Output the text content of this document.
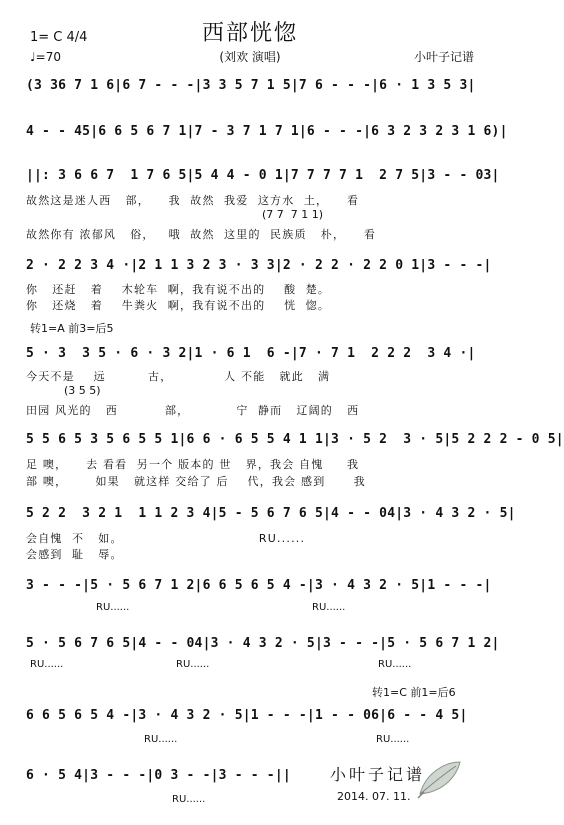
西部恍惚
(刘欢 演唱)
1= C 4/4
♩=70	小叶子记谱
(3 36 7 1 6|6 7 - - -|3 3 5 7 1 5|7 6 - - -|6 · 1 3 5 3|
4 - - 45|6 6 5 6 7 1|7 - 3 7 1 7 1|6 - - -|6 3 2 3 2 3 1 6)|
||: 3 6 6 7  1 7 6 5|5 4 4 - 0 1|7 7 7 7 1  2 7 5|3 - - 03|
故然这是迷人西   部，    我  故然  我爱  这方水  土，    看
(7 7  7 1 1)
故然你有 浓郁风   俗，   哦  故然  这里的  民族质   朴，    看
2 · 2 2 3 4 ·|2 1 1 3 2 3 · 3 3|2 · 2 2 · 2 2 0 1|3 - - -|
你   还赶   着    木轮车  啊，我有说不出的    酸  楚。
你   还烧   着    牛粪火  啊，我有说不出的    恍  惚。
转1=A 前3=后5
5 · 3  3 5 · 6 · 3 2|1 · 6 1  6 -|7 · 7 1  2 2 2  3 4 ·|
今天不是    远         古，           人 不能   就此   满
(3 5 5)
田园 风光的   西          部，          宁  静而   辽阔的   西
5 5 6 5 3 5 6 5 5 1|6 6 · 6 5 5 4 1 1|3 · 5 2  3 · 5|5 2 2 2 - 0 5|
足 噢，    去 看看  另一个 版本的 世   界，我会 自愧     我
部 噢，      如果   就这样 交给了 后    代，我会 感到      我
5 2 2  3 2 1  1 1 2 3 4|5 - 5 6 7 6 5|4 - - 04|3 · 4 3 2 · 5|
会自愧  不   如。                             RU......
会感到  耻   辱。
3 - - -|5 · 5 6 7 1 2|6 6 5 6 5 4 -|3 · 4 3 2 · 5|1 - - -|
RU......	RU......
5 · 5 6 7 6 5|4 - - 04|3 · 4 3 2 · 5|3 - - -|5 · 5 6 7 1 2|
RU......	RU......	RU......
转1=C 前1=后6
6 6 5 6 5 4 -|3 · 4 3 2 · 5|1 - - -|1 - - 06|6 - - 4 5|
RU......	RU......
6 · 5 4|3 - - -|0 3 - -|3 - - -||
RU......
小叶子记谱
2014. 07. 11.
